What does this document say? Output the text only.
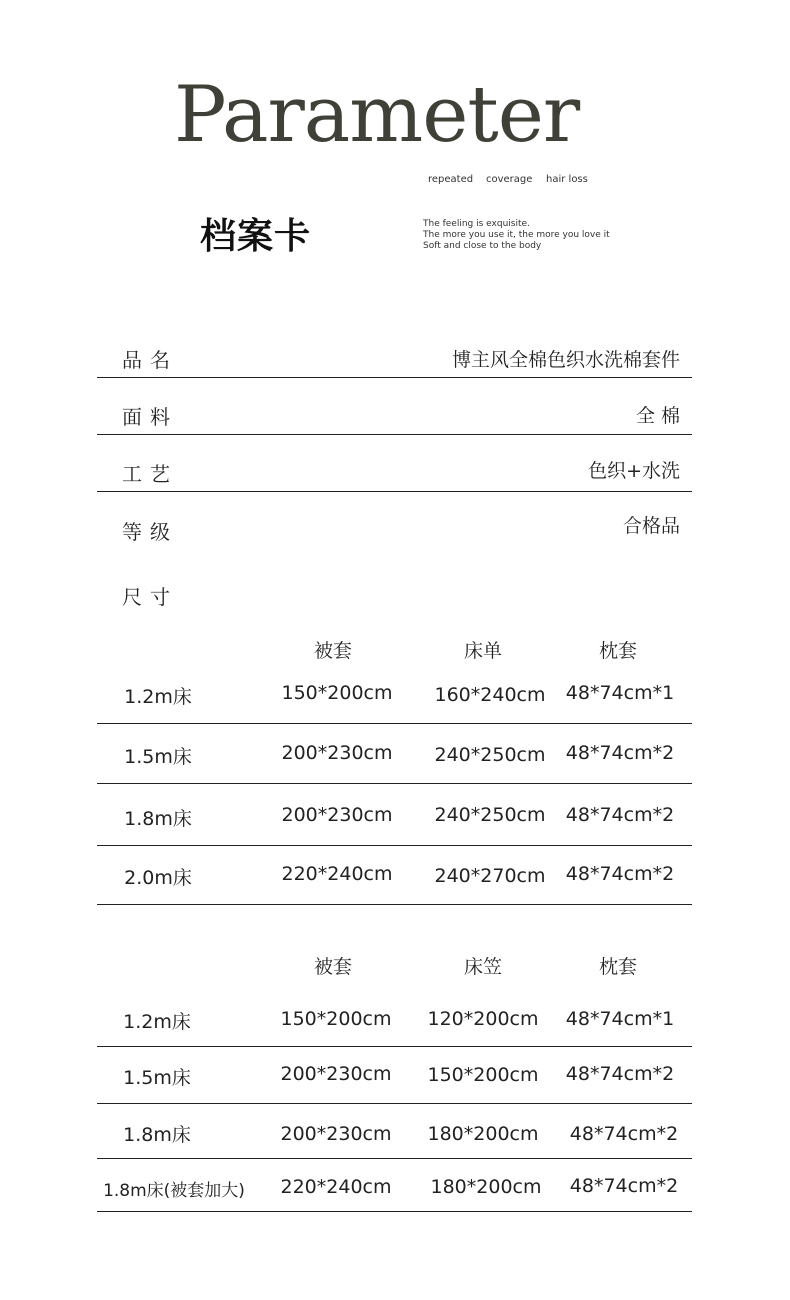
Parameter
repeated coverage hair loss
档案卡	The feeling is exquisite.
The more you use it, the more you love it
Soft and close to the body
品名	博主风全棉色织水洗棉套件
面料	全 棉
工艺	色织+水洗
等级	合格品
尺寸
被套	床单	枕套
1.2m床	150*200cm 160*240cm 48*74cm*1
1.5m床	200*230cm 240*250cm 48*74cm*2
1.8m床	200*230cm 240*250cm 48*74cm*2
2.0m床	220*240cm 240*270cm 48*74cm*2
被套	床笠	枕套
1.2m床	150*200cm 120*200cm 48*74cm*1
1.5m床	200*230cm 150*200cm 48*74cm*2
1.8m床	200*230cm 180*200cm 48*74cm*2
1.8m床(被套加大) 220*240cm 180*200cm 48*74cm*2
